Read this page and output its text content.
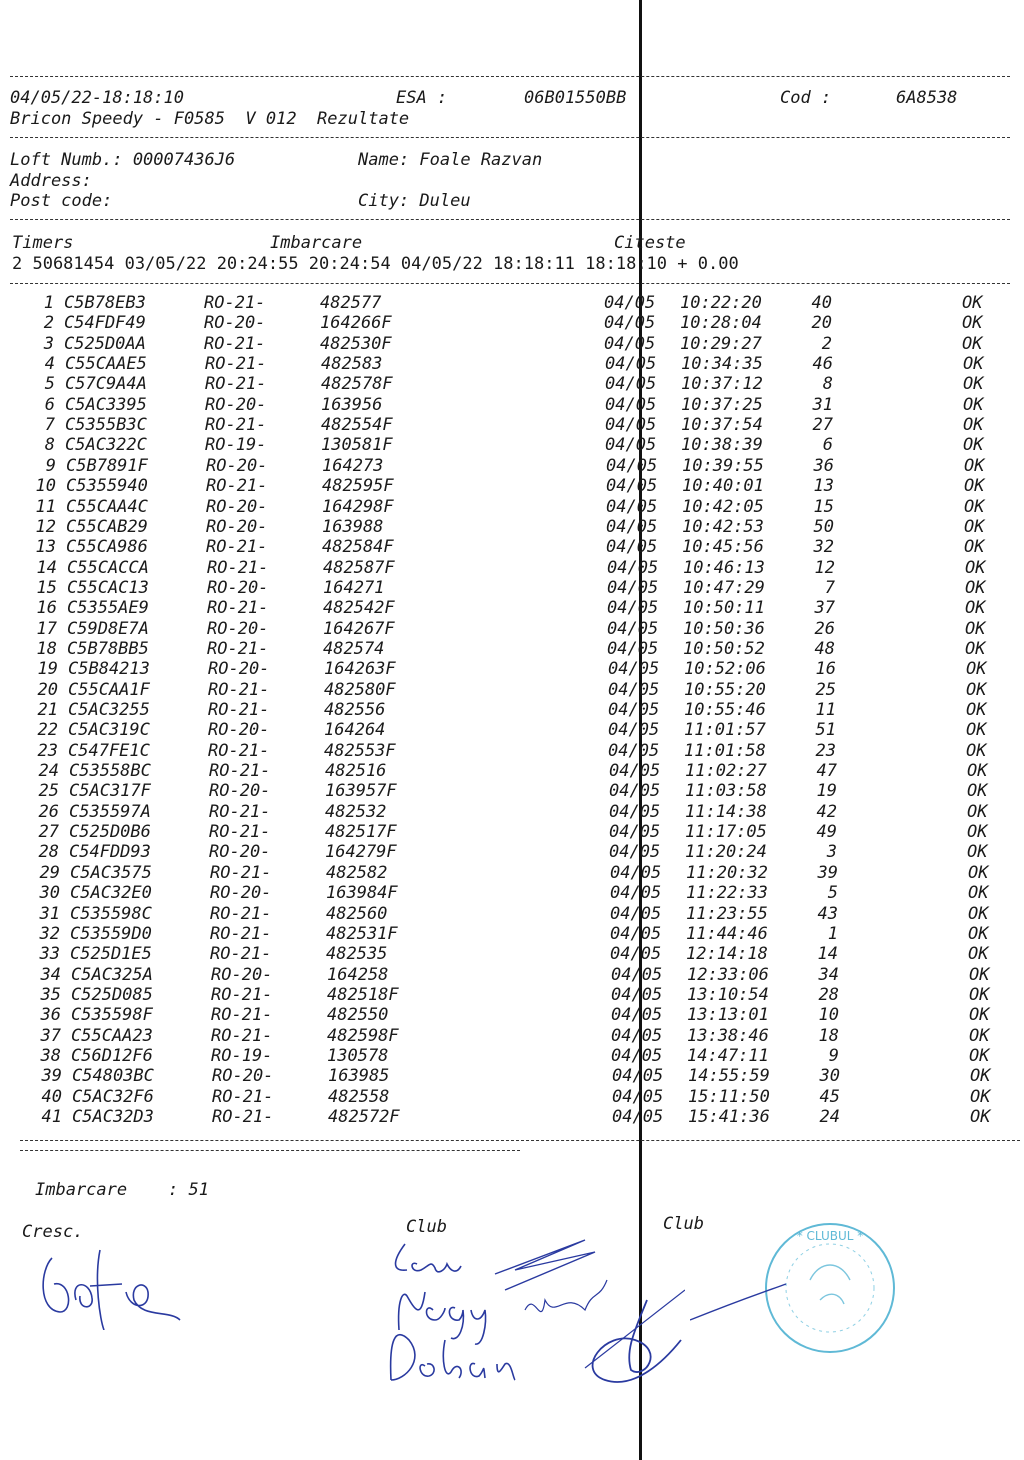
04/05/22-18:18:10	ESA :	06B01550BB	Cod :	6A8538
Bricon Speedy - F0585  V 012  Rezultate
Loft Numb.: 00007436J6	Name: Foale Razvan
Address:
Post code:	City: Duleu
Timers	Imbarcare	Citeste
2 50681454 03/05/22 20:24:55 20:24:54 04/05/22 18:18:11 18:18:10 + 0.00
1 C5B78EB3	RO-21-	482577	04/05 10:22:20	40	OK
2 C54FDF49	RO-20-	164266F	04/05 10:28:04	20	OK
3 C525D0AA	RO-21-	482530F	04/05 10:29:27	2	OK
4 C55CAAE5	RO-21-	482583	04/05 10:34:35	46	OK
5 C57C9A4A	RO-21-	482578F	04/05 10:37:12	8	OK
6 C5AC3395	RO-20-	163956	04/05 10:37:25	31	OK
7 C5355B3C	RO-21-	482554F	04/05 10:37:54	27	OK
8 C5AC322C	RO-19-	130581F	04/05 10:38:39	6	OK
9 C5B7891F	RO-20-	164273	04/05 10:39:55	36	OK
10 C5355940	RO-21-	482595F	04/05 10:40:01	13	OK
11 C55CAA4C	RO-20-	164298F	04/05 10:42:05	15	OK
12 C55CAB29	RO-20-	163988	04/05 10:42:53	50	OK
13 C55CA986	RO-21-	482584F	04/05 10:45:56	32	OK
14 C55CACCA	RO-21-	482587F	04/05 10:46:13	12	OK
15 C55CAC13	RO-20-	164271	04/05 10:47:29	7	OK
16 C5355AE9	RO-21-	482542F	04/05 10:50:11	37	OK
17 C59D8E7A	RO-20-	164267F	04/05 10:50:36	26	OK
18 C5B78BB5	RO-21-	482574	04/05 10:50:52	48	OK
19 C5B84213	RO-20-	164263F	04/05 10:52:06	16	OK
20 C55CAA1F	RO-21-	482580F	04/05 10:55:20	25	OK
21 C5AC3255	RO-21-	482556	04/05 10:55:46	11	OK
22 C5AC319C	RO-20-	164264	04/05 11:01:57	51	OK
23 C547FE1C	RO-21-	482553F	04/05 11:01:58	23	OK
24 C53558BC	RO-21-	482516	04/05 11:02:27	47	OK
25 C5AC317F	RO-20-	163957F	04/05 11:03:58	19	OK
26 C535597A	RO-21-	482532	04/05 11:14:38	42	OK
27 C525D0B6	RO-21-	482517F	04/05 11:17:05	49	OK
28 C54FDD93	RO-20-	164279F	04/05 11:20:24	3	OK
29 C5AC3575	RO-21-	482582	04/05 11:20:32	39	OK
30 C5AC32E0	RO-20-	163984F	04/05 11:22:33	5	OK
31 C535598C	RO-21-	482560	04/05 11:23:55	43	OK
32 C53559D0	RO-21-	482531F	04/05 11:44:46	1	OK
33 C525D1E5	RO-21-	482535	04/05 12:14:18	14	OK
34 C5AC325A	RO-20-	164258	04/05 12:33:06	34	OK
35 C525D085	RO-21-	482518F	04/05 13:10:54	28	OK
36 C535598F	RO-21-	482550	04/05 13:13:01	10	OK
37 C55CAA23	RO-21-	482598F	04/05 13:38:46	18	OK
38 C56D12F6	RO-19-	130578	04/05 14:47:11	9	OK
39 C54803BC	RO-20-	163985	04/05 14:55:59	30	OK
40 C5AC32F6	RO-21-	482558	04/05 15:11:50	45	OK
41 C5AC32D3	RO-21-	482572F	04/05 15:41:36	24	OK
Imbarcare    : 51
Cresc.	Club	Club
* CLUBUL *
